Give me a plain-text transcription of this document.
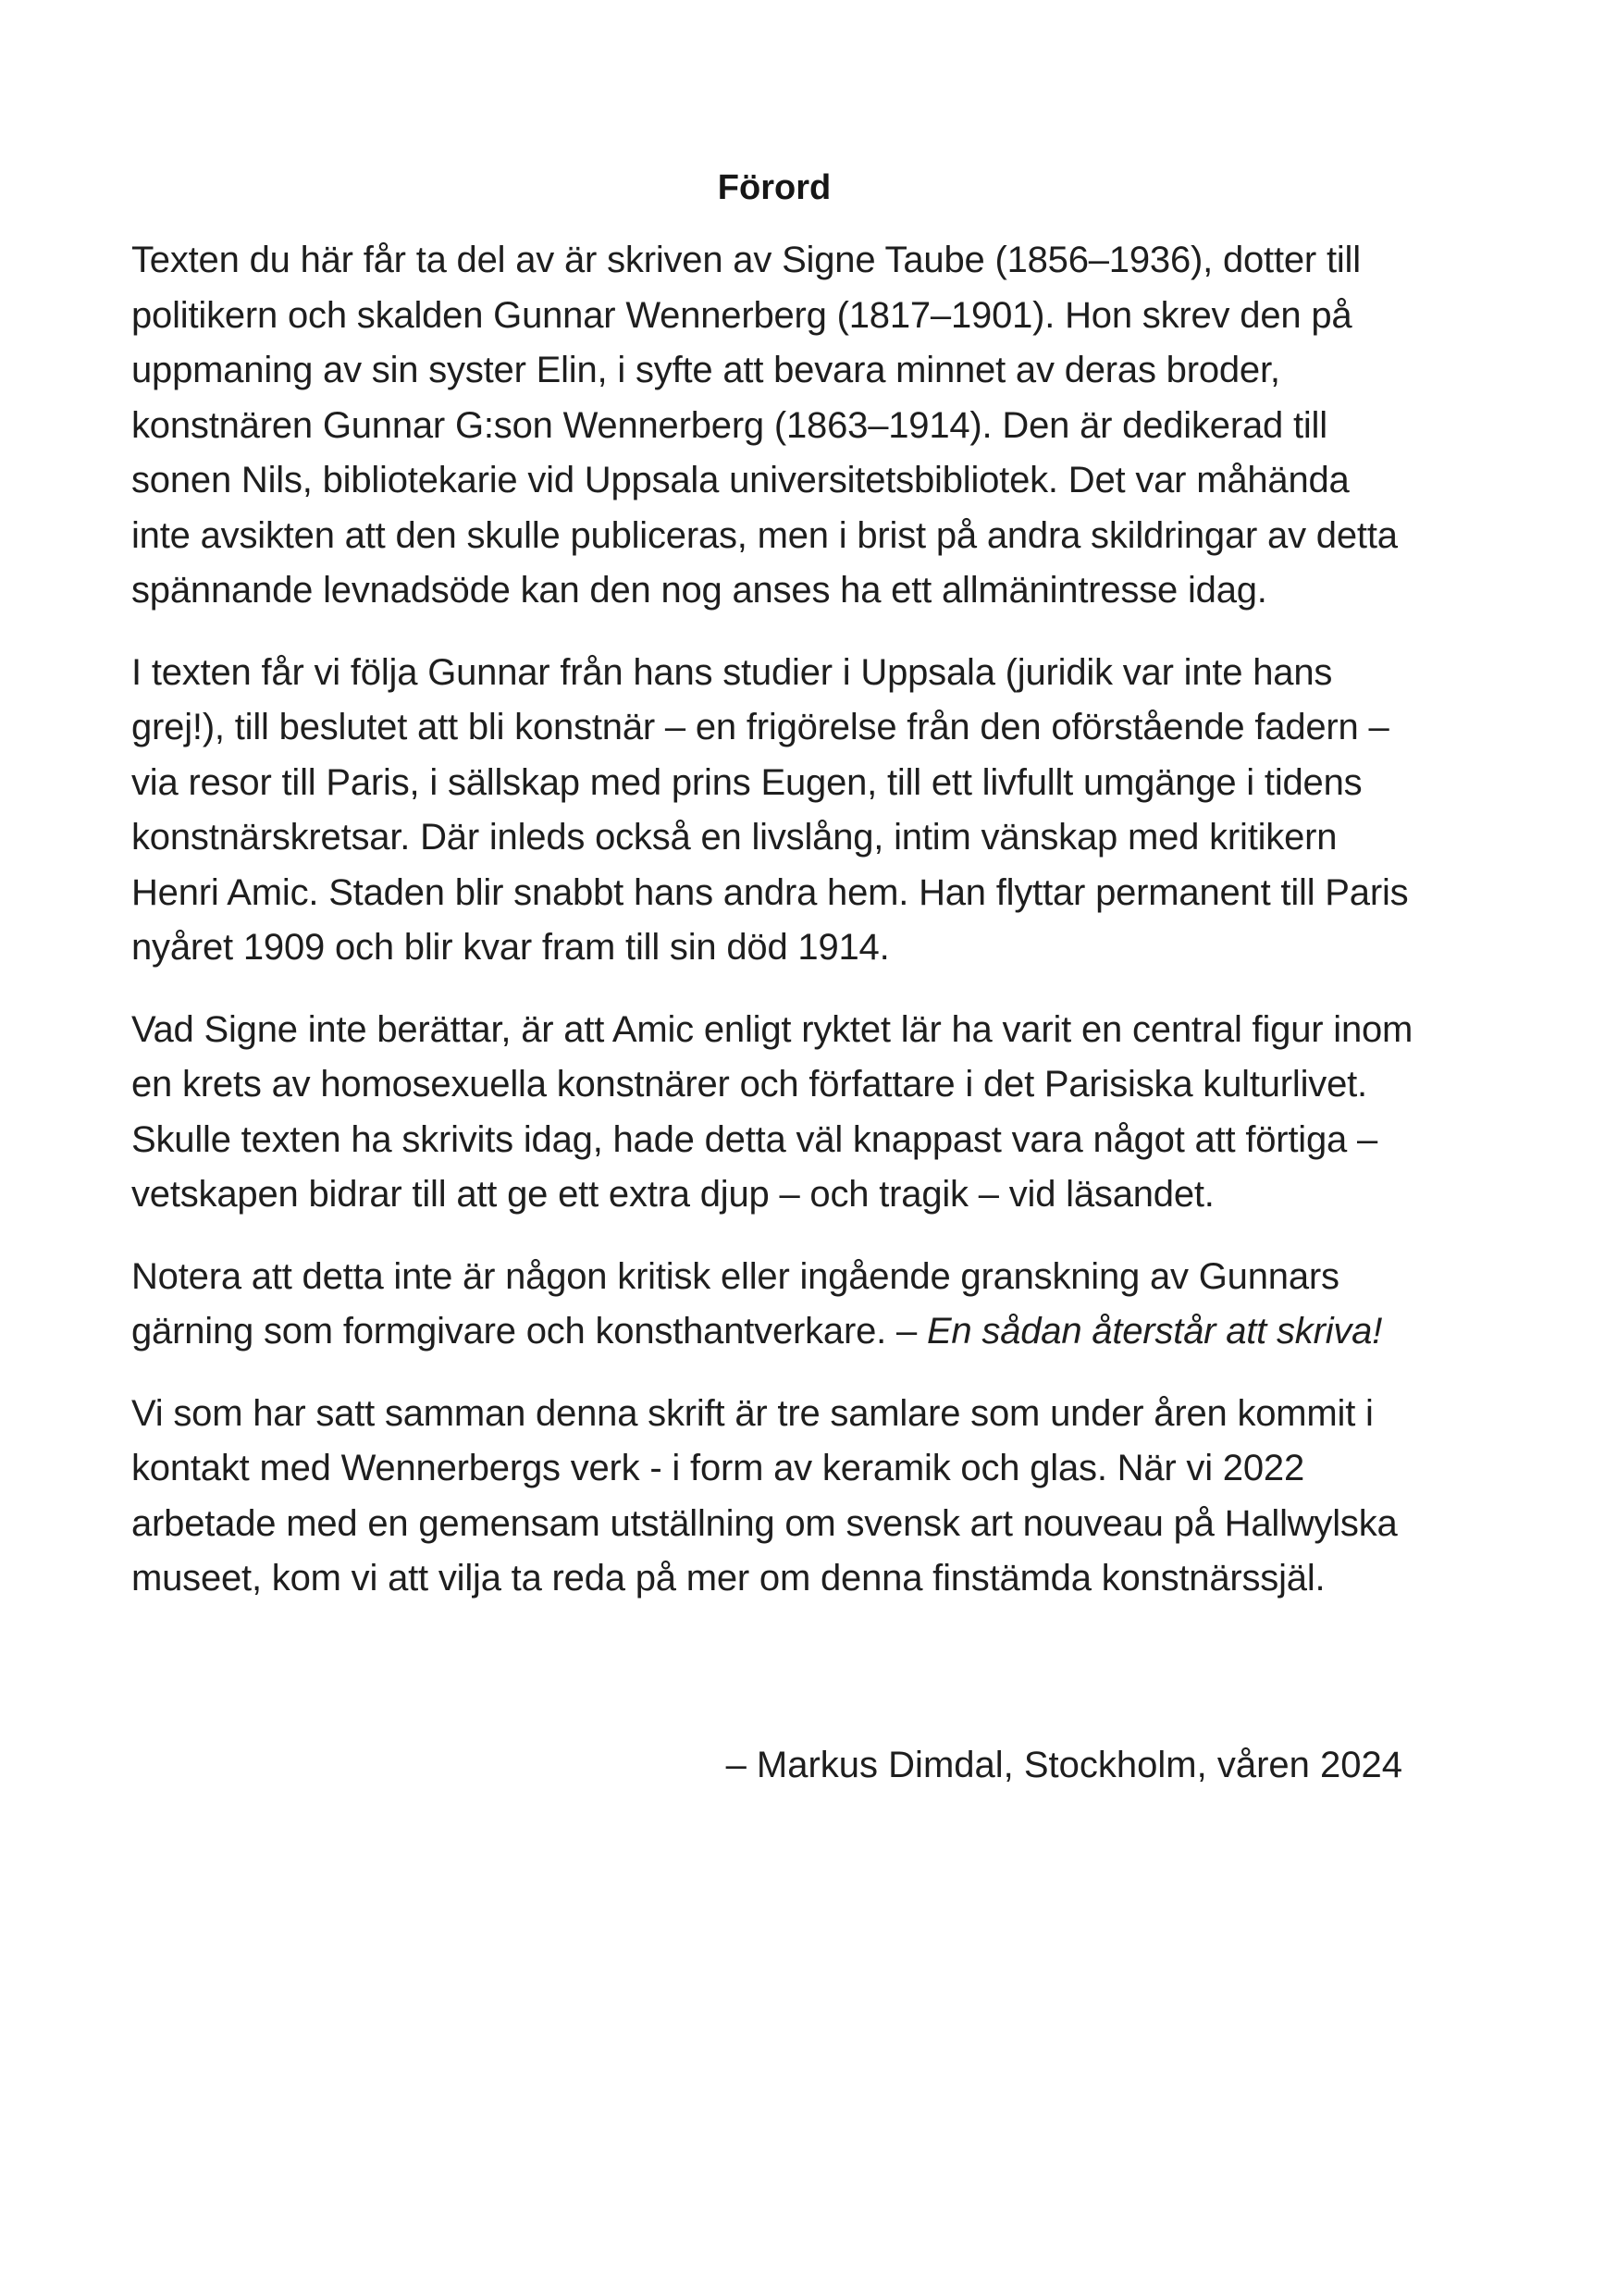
Förord

Texten du här får ta del av är skriven av Signe Taube (1856–1936), dotter till politikern och skalden Gunnar Wennerberg (1817–1901). Hon skrev den på uppmaning av sin syster Elin, i syfte att bevara minnet av deras broder, konstnären Gunnar G:son Wennerberg (1863–1914). Den är dedikerad till sonen Nils, bibliotekarie vid Uppsala universitetsbibliotek. Det var måhända inte avsikten att den skulle publiceras, men i brist på andra skildringar av detta spännande levnadsöde kan den nog anses ha ett allmänintresse idag.

I texten får vi följa Gunnar från hans studier i Uppsala (juridik var inte hans grej!), till beslutet att bli konstnär – en frigörelse från den oförstående fadern – via resor till Paris, i sällskap med prins Eugen, till ett livfullt umgänge i tidens konstnärskretsar. Där inleds också en livslång, intim vänskap med kritikern Henri Amic. Staden blir snabbt hans andra hem. Han flyttar permanent till Paris nyåret 1909 och blir kvar fram till sin död 1914.

Vad Signe inte berättar, är att Amic enligt ryktet lär ha varit en central figur inom en krets av homosexuella konstnärer och författare i det Parisiska kulturlivet. Skulle texten ha skrivits idag, hade detta väl knappast vara något att förtiga – vetskapen bidrar till att ge ett extra djup – och tragik – vid läsandet.

Notera att detta inte är någon kritisk eller ingående granskning av Gunnars gärning som formgivare och konsthantverkare. – En sådan återstår att skriva!

Vi som har satt samman denna skrift är tre samlare som under åren kommit i kontakt med Wennerbergs verk - i form av keramik och glas. När vi 2022 arbetade med en gemensam utställning om svensk art nouveau på Hallwylska museet, kom vi att vilja ta reda på mer om denna finstämda konstnärssjäl.

– Markus Dimdal, Stockholm, våren 2024
